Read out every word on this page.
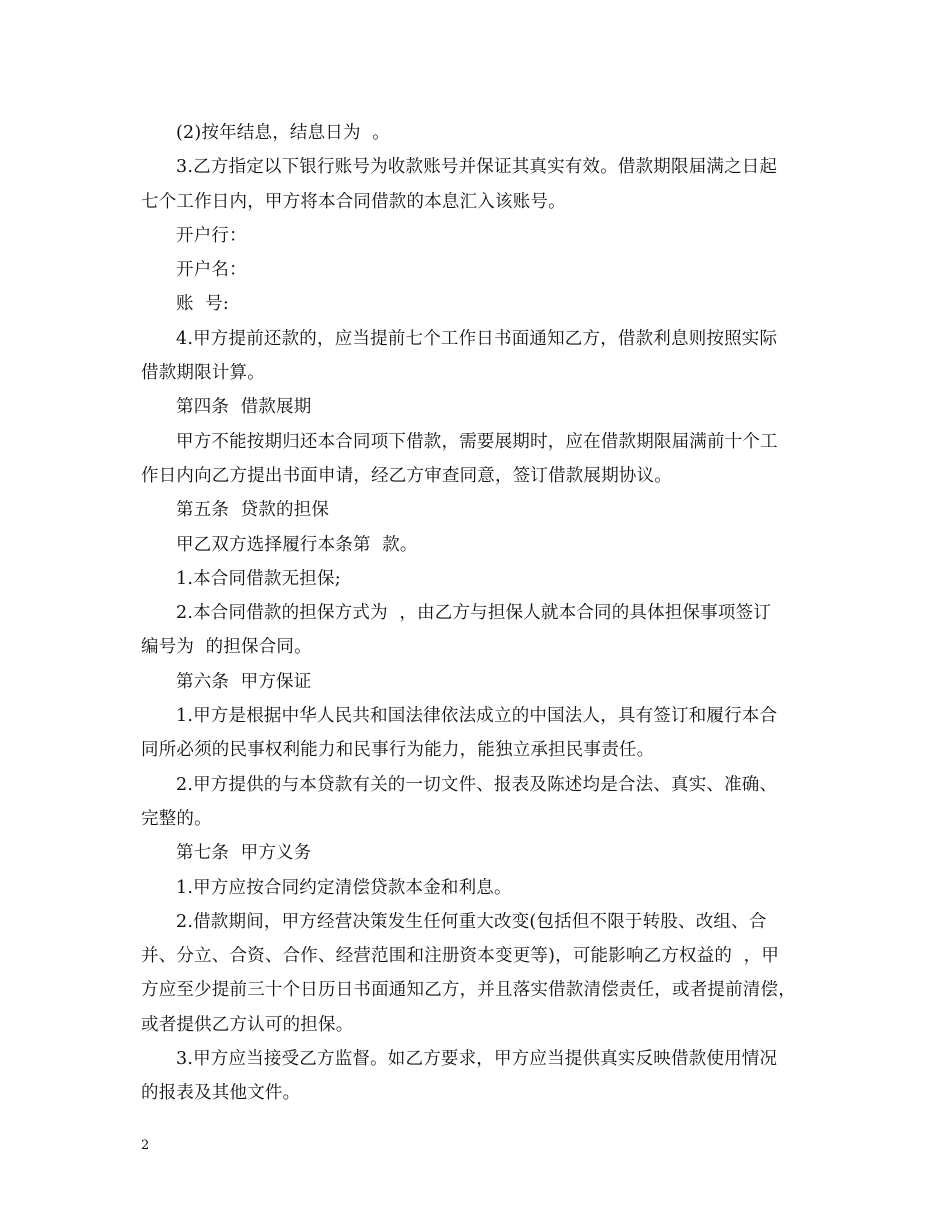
(2)按年结息，结息日为  。
3.乙方指定以下银行账号为收款账号并保证其真实有效。借款期限届满之日起
七个工作日内，甲方将本合同借款的本息汇入该账号。
开户行：
开户名：
账  号:
4.甲方提前还款的，应当提前七个工作日书面通知乙方，借款利息则按照实际
借款期限计算。
第四条  借款展期
甲方不能按期归还本合同项下借款，需要展期时，应在借款期限届满前十个工
作日内向乙方提出书面申请，经乙方审查同意，签订借款展期协议。
第五条  贷款的担保
甲乙双方选择履行本条第  款。
1.本合同借款无担保;
2.本合同借款的担保方式为  ，由乙方与担保人就本合同的具体担保事项签订
编号为  的担保合同。
第六条  甲方保证
1.甲方是根据中华人民共和国法律依法成立的中国法人，具有签订和履行本合
同所必须的民事权利能力和民事行为能力，能独立承担民事责任。
2.甲方提供的与本贷款有关的一切文件、报表及陈述均是合法、真实、准确、
完整的。
第七条  甲方义务
1.甲方应按合同约定清偿贷款本金和利息。
2.借款期间，甲方经营决策发生任何重大改变(包括但不限于转股、改组、合
并、分立、合资、合作、经营范围和注册资本变更等)，可能影响乙方权益的  ，甲
方应至少提前三十个日历日书面通知乙方，并且落实借款清偿责任，或者提前清偿，
或者提供乙方认可的担保。
3.甲方应当接受乙方监督。如乙方要求，甲方应当提供真实反映借款使用情况
的报表及其他文件。
2
